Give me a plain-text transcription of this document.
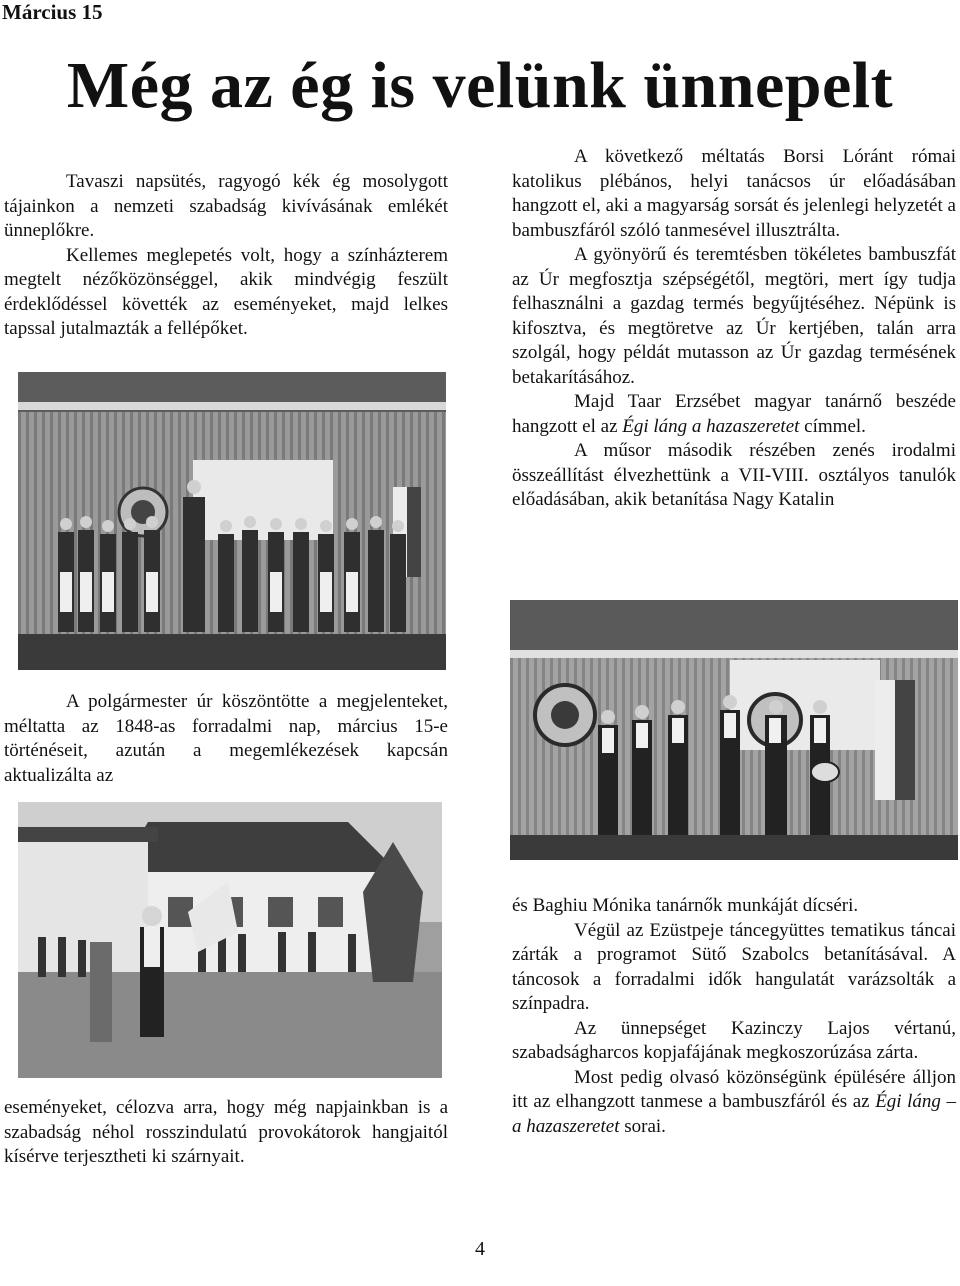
Március 15
Még az ég is velünk ünnepelt

Tavaszi napsütés, ragyogó kék ég mosolygott tájainkon a nemzeti szabadság kivívásának emlékét ünneplőkre.

Kellemes meglepetés volt, hogy a színházterem megtelt nézőközönséggel, akik mindvégig feszült érdeklődéssel követték az eseményeket, majd lelkes tapssal jutalmazták a fellépőket.

A polgármester úr köszöntötte a megjelenteket, méltatta az 1848-as forradalmi nap, március 15-e történéseit, azután a megemlékezések kapcsán aktualizálta az

eseményeket, célozva arra, hogy még napjainkban is a szabadság néhol rosszindulatú provokátorok hangjaitól kísérve terjesztheti ki szárnyait.

A következő méltatás Borsi Lóránt római katolikus plébános, helyi tanácsos úr előadásában hangzott el, aki a magyarság sorsát és jelenlegi helyzetét a bambuszfáról szóló tanmesével illusztrálta.

A gyönyörű és teremtésben tökéletes bambuszfát az Úr megfosztja szépségétől, megtöri, mert így tudja felhasználni a gazdag termés begyűjtéséhez. Népünk is kifosztva, és megtöretve az Úr kertjében, talán arra szolgál, hogy példát mutasson az Úr gazdag termésének betakarításához.

Majd Taar Erzsébet magyar tanárnő beszéde hangzott el az Égi láng a hazaszeretet címmel.

A műsor második részében zenés irodalmi összeállítást élvezhettünk a VII-VIII. osztályos tanulók előadásában, akik betanítása Nagy Katalin

és Baghiu Mónika tanárnők munkáját dícséri.

Végül az Ezüstpeje táncegyüttes tematikus táncai zárták a programot Sütő Szabolcs betanításával. A táncosok a forradalmi idők hangulatát varázsolták a színpadra.

Az ünnepséget Kazinczy Lajos vértanú, szabadságharcos kopjafájának megkoszorúzása zárta.

Most pedig olvasó közönségünk épülésére álljon itt az elhangzott tanmese a bambuszfáról és az Égi láng – a hazaszeretet sorai.

4
